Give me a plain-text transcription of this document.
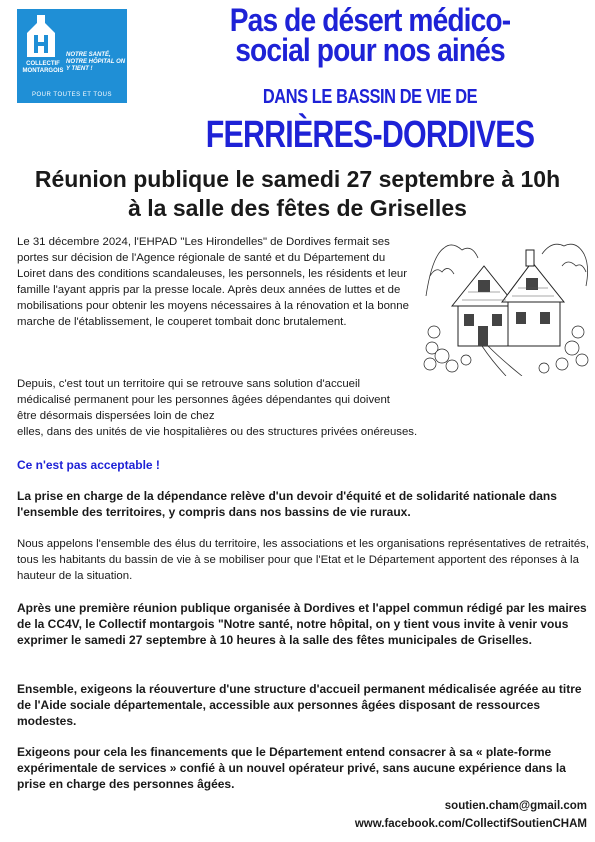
COLLECTIF MONTARGOIS
NOTRE SANTÉ, NOTRE HÔPITAL ON Y TIENT !
POUR TOUTES ET TOUS
Pas de désert médico-
social pour nos ainés
DANS LE BASSIN DE VIE DE
FERRIÈRES-DORDIVES
Réunion publique le samedi 27 septembre à 10h
à la salle des fêtes de Griselles
Le 31 décembre 2024, l'EHPAD "Les Hirondelles" de Dordives fermait ses portes sur décision de l'Agence régionale de santé et du Département du Loiret dans des conditions scandaleuses, les personnels, les résidents et leur famille l'ayant appris par la presse locale. Après deux années de luttes et de mobilisations pour obtenir les moyens nécessaires à la rénovation et la bonne marche de l'établissement, le couperet tombait donc brutalement.
Depuis, c'est tout un territoire qui se retrouve sans solution d'accueil médicalisé permanent pour les personnes âgées dépendantes qui doivent être désormais dispersées loin de chez
elles, dans des unités de vie hospitalières ou des structures privées onéreuses.
Ce n'est pas acceptable !
La prise en charge de la dépendance relève d'un devoir d'équité et de solidarité nationale dans l'ensemble des territoires, y compris dans nos bassins de vie ruraux.
Nous appelons l'ensemble des élus du territoire, les associations et les organisations représentatives de retraités, tous les habitants du bassin de vie à se mobiliser pour que l'Etat et le Département apportent des réponses à la hauteur de la situation.
Après une première réunion publique organisée à Dordives et l'appel commun rédigé par les maires de la CC4V, le Collectif montargois "Notre santé, notre hôpital, on y tient vous invite à venir vous exprimer le samedi 27 septembre à 10 heures à la salle des fêtes municipales de Griselles.
Ensemble, exigeons la réouverture d'une structure d'accueil permanent médicalisée agréée au titre de l'Aide sociale départementale, accessible aux personnes âgées disposant de ressources modestes.
Exigeons pour cela les financements que le Département entend consacrer à sa « plate-forme expérimentale de services » confié à un nouvel opérateur privé, sans aucune expérience dans la prise en charge des personnes âgées.
soutien.cham@gmail.com
www.facebook.com/CollectifSoutienCHAM
